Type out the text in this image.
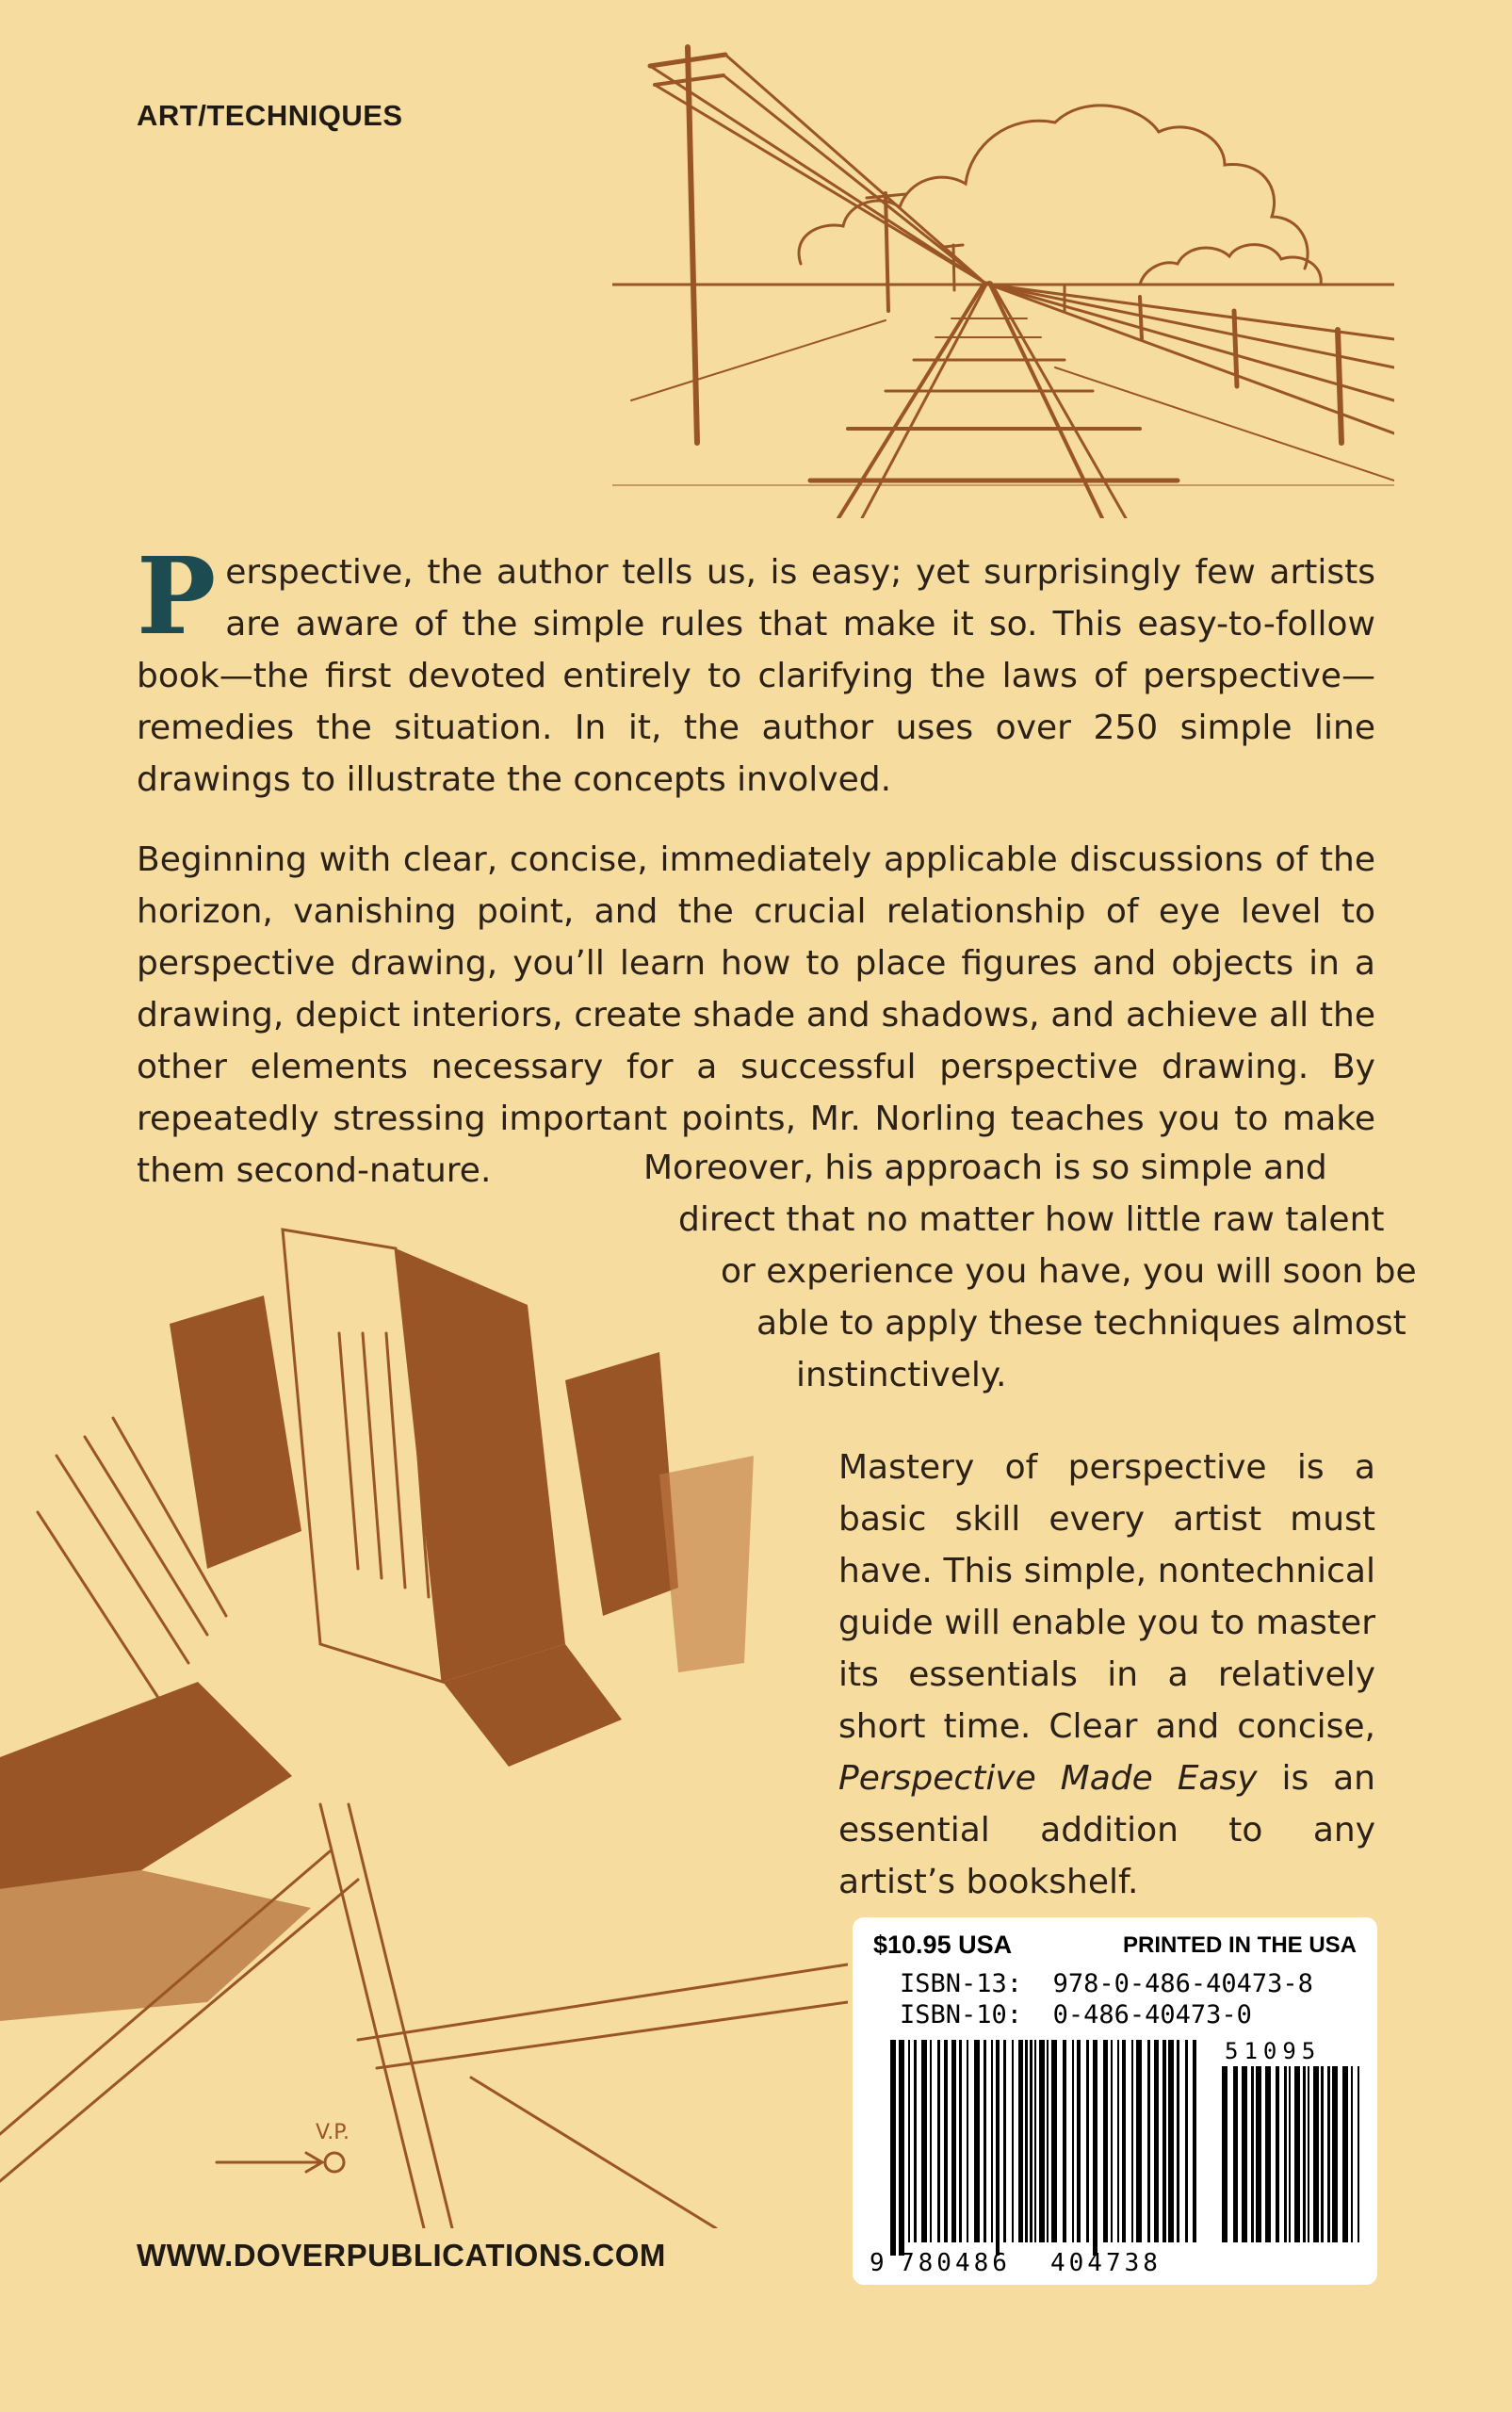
ART/TECHNIQUES

Perspective, the author tells us, is easy; yet surprisingly few artists are aware of the simple rules that make it so. This easy-to-follow book—the first devoted entirely to clarifying the laws of perspective—remedies the situation. In it, the author uses over 250 simple line drawings to illustrate the concepts involved.

Beginning with clear, concise, immediately applicable discussions of the horizon, vanishing point, and the crucial relationship of eye level to perspective drawing, you’ll learn how to place figures and objects in a drawing, depict interiors, create shade and shadows, and achieve all the other elements necessary for a successful perspective drawing. By repeatedly stressing important points, Mr. Norling teaches you to make them second-nature.	Moreover, his approach is so simple and

direct that no matter how little raw talent

or experience you have, you will soon be

able to apply these techniques almost

instinctively.

Mastery of perspective is a basic skill every artist must have. This simple, nontechnical guide will enable you to master its essentials in a relatively short time. Clear and concise, Perspective Made Easy is an essential addition to any artist’s bookshelf.

V.P.
WWW.DOVERPUBLICATIONS.COM
$10.95 USA	PRINTED IN THE USA
ISBN-13: 978-0-486-40473-8
ISBN-10: 0-486-40473-0
51095
9 780486 404738
